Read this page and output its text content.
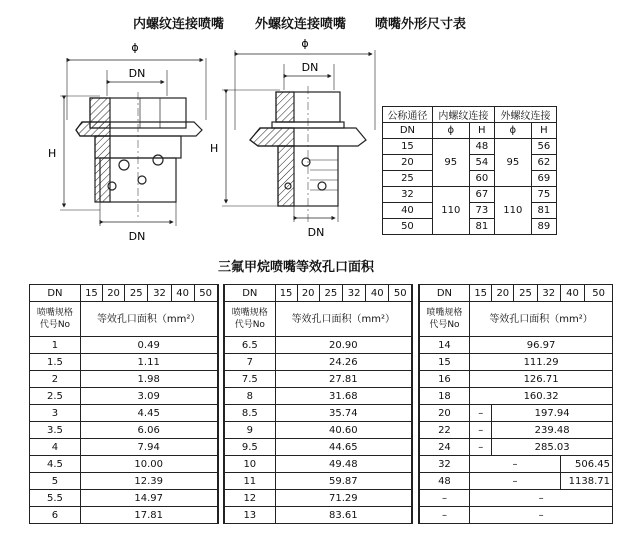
内螺纹连接喷嘴 外螺纹连接喷嘴 喷嘴外形尺寸表
三氟甲烷喷嘴等效孔口面积
ϕ
DN
H
DN
ϕ
DN
H
DN
公称通径	内螺纹连接		外螺纹连接	
DN	ϕ	H	ϕ	H
15	95	48	95	56
20		54		62
25		60		69
32	110	67	110	75
40		73		81
50		81		89
DN	15	20	25	32	40	50		DN	15	20	25	32	40	50		DN	15	20	25	32	40	50
喷嘴规格
代号No	等效孔口面积（mm²）							喷嘴规格
代号No	等效孔口面积（mm²）							喷嘴规格
代号No	等效孔口面积（mm²）					
1	0.49							6.5	20.90							14	96.97					
1.5	1.11							7	24.26							15	111.29					
2	1.98							7.5	27.81							16	126.71					
2.5	3.09							8	31.68							18	160.32					
3	4.45							8.5	35.74							20	–	197.94				
3.5	6.06							9	40.60							22	–	239.48				
4	7.94							9.5	44.65							24	–	285.03				
4.5	10.00							10	49.48							32	–				506.45	
5	12.39							11	59.87							48	–				1138.71	
5.5	14.97							12	71.29							–	–					
6	17.81							13	83.61							–	–					
